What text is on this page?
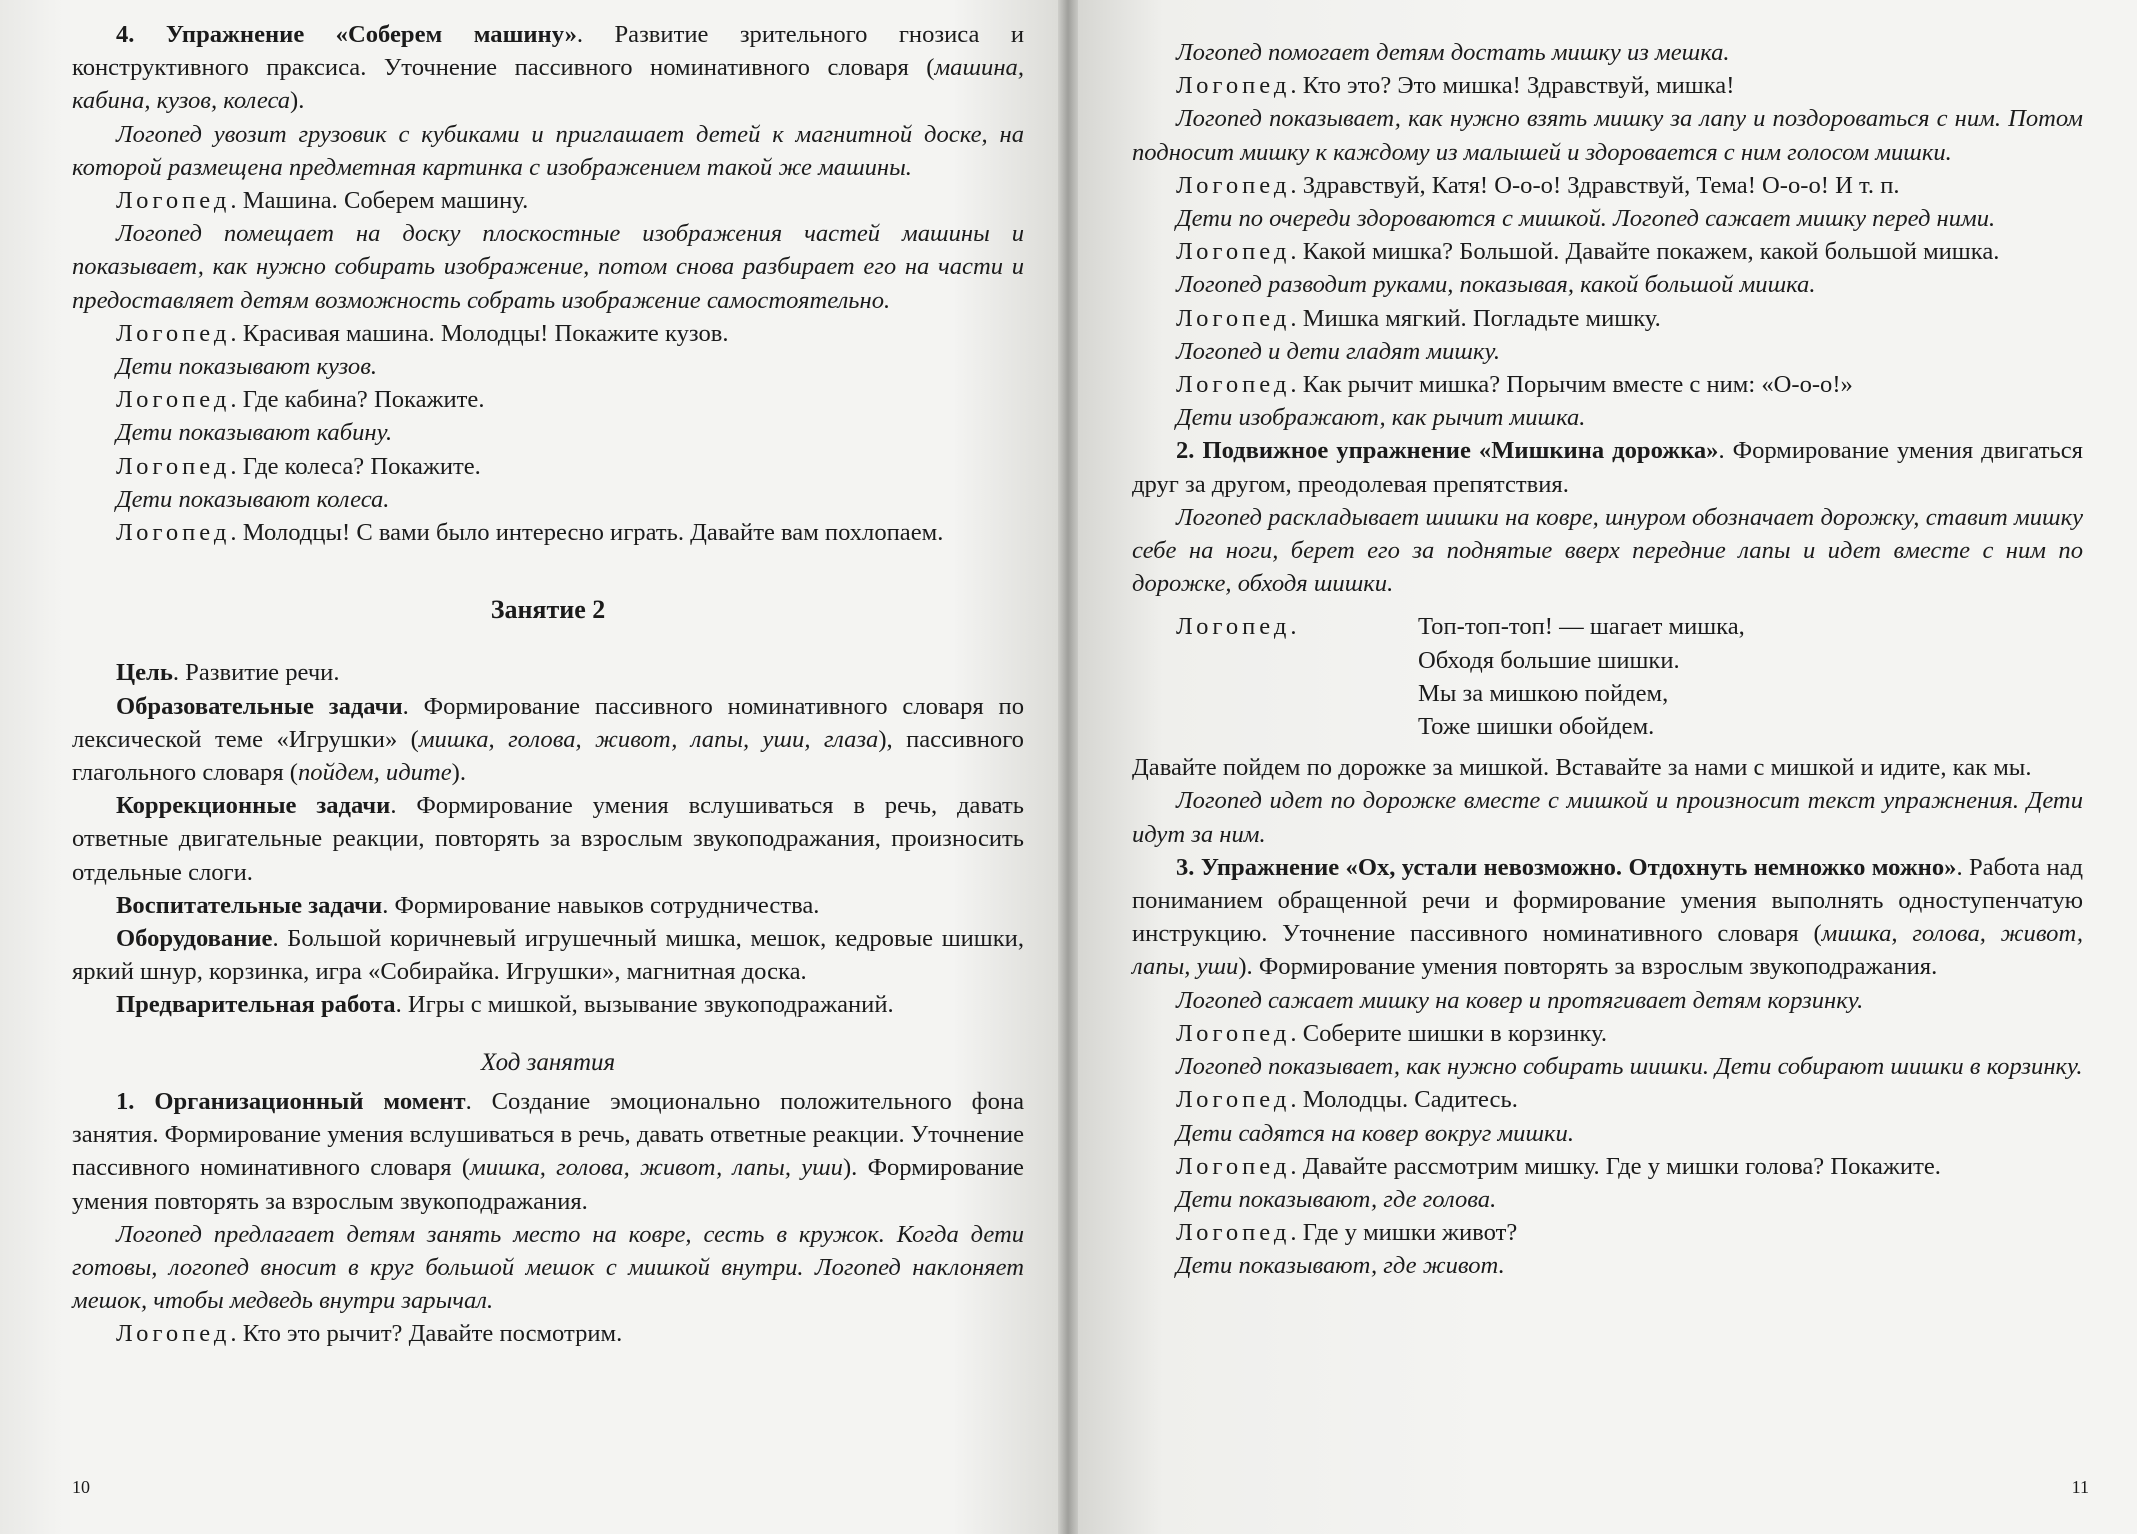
4. Упражнение «Соберем машину». Развитие зрительного гнозиса и конструктивного праксиса. Уточнение пассивного номинативного словаря (машина, кабина, кузов, колеса).

Логопед увозит грузовик с кубиками и приглашает детей к магнитной доске, на которой размещена предметная картинка с изображением такой же машины.

Логопед. Машина. Соберем машину.

Логопед помещает на доску плоскостные изображения частей машины и показывает, как нужно собирать изображение, потом снова разбирает его на части и предоставляет детям возможность собрать изображение самостоятельно.

Логопед. Красивая машина. Молодцы! Покажите кузов.

Дети показывают кузов.

Логопед. Где кабина? Покажите.

Дети показывают кабину.

Логопед. Где колеса? Покажите.

Дети показывают колеса.

Логопед. Молодцы! С вами было интересно играть. Давайте вам похлопаем.

Занятие 2

Цель. Развитие речи.

Образовательные задачи. Формирование пассивного номинативного словаря по лексической теме «Игрушки» (мишка, голова, живот, лапы, уши, глаза), пассивного глагольного словаря (пойдем, идите).

Коррекционные задачи. Формирование умения вслушиваться в речь, давать ответные двигательные реакции, повторять за взрослым звукоподражания, произносить отдельные слоги.

Воспитательные задачи. Формирование навыков сотрудничества.

Оборудование. Большой коричневый игрушечный мишка, мешок, кедровые шишки, яркий шнур, корзинка, игра «Собирайка. Игрушки», магнитная доска.

Предварительная работа. Игры с мишкой, вызывание звукоподражаний.

Ход занятия

1. Организационный момент. Создание эмоционально положительного фона занятия. Формирование умения вслушиваться в речь, давать ответные реакции. Уточнение пассивного номинативного словаря (мишка, голова, живот, лапы, уши). Формирование умения повторять за взрослым звукоподражания.

Логопед предлагает детям занять место на ковре, сесть в кружок. Когда дети готовы, логопед вносит в круг большой мешок с мишкой внутри. Логопед наклоняет мешок, чтобы медведь внутри зарычал.

Логопед. Кто это рычит? Давайте посмотрим.

10

Логопед помогает детям достать мишку из мешка.

Логопед. Кто это? Это мишка! Здравствуй, мишка!

Логопед показывает, как нужно взять мишку за лапу и поздороваться с ним. Потом подносит мишку к каждому из малышей и здоровается с ним голосом мишки.

Логопед. Здравствуй, Катя! О-о-о! Здравствуй, Тема! О-о-о! И т. п.

Дети по очереди здороваются с мишкой. Логопед сажает мишку перед ними.

Логопед. Какой мишка? Большой. Давайте покажем, какой большой мишка.

Логопед разводит руками, показывая, какой большой мишка.

Логопед. Мишка мягкий. Погладьте мишку.

Логопед и дети гладят мишку.

Логопед. Как рычит мишка? Порычим вместе с ним: «О-о-о!»

Дети изображают, как рычит мишка.

2. Подвижное упражнение «Мишкина дорожка». Формирование умения двигаться друг за другом, преодолевая препятствия.

Логопед раскладывает шишки на ковре, шнуром обозначает дорожку, ставит мишку себе на ноги, берет его за поднятые вверх передние лапы и идет вместе с ним по дорожке, обходя шишки.

Логопед.	Топ-топ-топ! — шагает мишка,
Обходя большие шишки.
Мы за мишкою пойдем,
Тоже шишки обойдем.

Давайте пойдем по дорожке за мишкой. Вставайте за нами с мишкой и идите, как мы.

Логопед идет по дорожке вместе с мишкой и произносит текст упражнения. Дети идут за ним.

3. Упражнение «Ох, устали невозможно. Отдохнуть немножко можно». Работа над пониманием обращенной речи и формирование умения выполнять одноступенчатую инструкцию. Уточнение пассивного номинативного словаря (мишка, голова, живот, лапы, уши). Формирование умения повторять за взрослым звукоподражания.

Логопед сажает мишку на ковер и протягивает детям корзинку.

Логопед. Соберите шишки в корзинку.

Логопед показывает, как нужно собирать шишки. Дети собирают шишки в корзинку.

Логопед. Молодцы. Садитесь.

Дети садятся на ковер вокруг мишки.

Логопед. Давайте рассмотрим мишку. Где у мишки голова? Покажите.

Дети показывают, где голова.

Логопед. Где у мишки живот?

Дети показывают, где живот.

11
